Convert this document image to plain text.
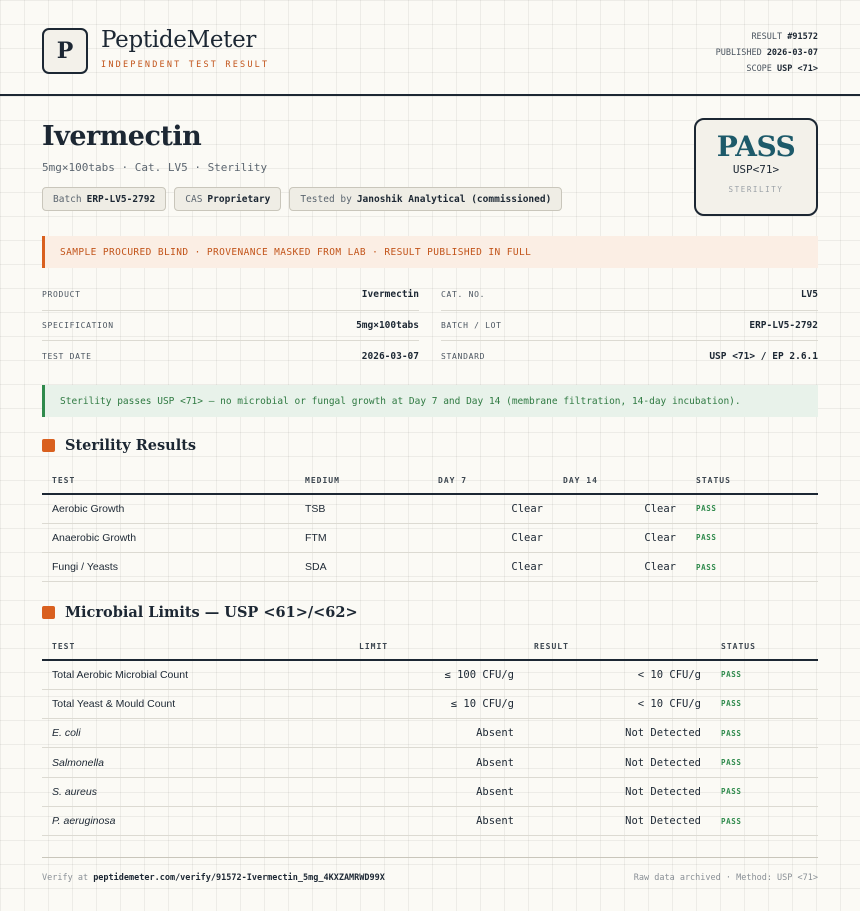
P	PeptideMeter
INDEPENDENT TEST RESULT
RESULT #91572
PUBLISHED 2026-03-07
SCOPE USP <71>
Ivermectin
5mg×100tabs · Cat. LV5 · Sterility
Batch ERP-LV5-2792	CAS Proprietary	Tested by Janoshik Analytical (commissioned)
PASS
USP<71>
STERILITY
SAMPLE PROCURED BLIND · PROVENANCE MASKED FROM LAB · RESULT PUBLISHED IN FULL
PRODUCT	Ivermectin	CAT. NO.	LV5
SPECIFICATION	5mg×100tabs	BATCH / LOT	ERP-LV5-2792
TEST DATE	2026-03-07	STANDARD	USP <71> / EP 2.6.1
Sterility passes USP <71> — no microbial or fungal growth at Day 7 and Day 14 (membrane filtration, 14-day incubation).
Sterility Results
TEST	MEDIUM	DAY 7	DAY 14	STATUS
Aerobic Growth	TSB	Clear	Clear	PASS
Anaerobic Growth	FTM	Clear	Clear	PASS
Fungi / Yeasts	SDA	Clear	Clear	PASS
Microbial Limits — USP <61>/<62>
TEST	LIMIT	RESULT	STATUS
Total Aerobic Microbial Count	≤ 100 CFU/g	< 10 CFU/g	PASS
Total Yeast & Mould Count	≤ 10 CFU/g	< 10 CFU/g	PASS
E. coli	Absent	Not Detected	PASS
Salmonella	Absent	Not Detected	PASS
S. aureus	Absent	Not Detected	PASS
P. aeruginosa	Absent	Not Detected	PASS
Verify at peptidemeter.com/verify/91572-Ivermectin_5mg_4KXZAMRWD99X	Raw data archived · Method: USP <71>
